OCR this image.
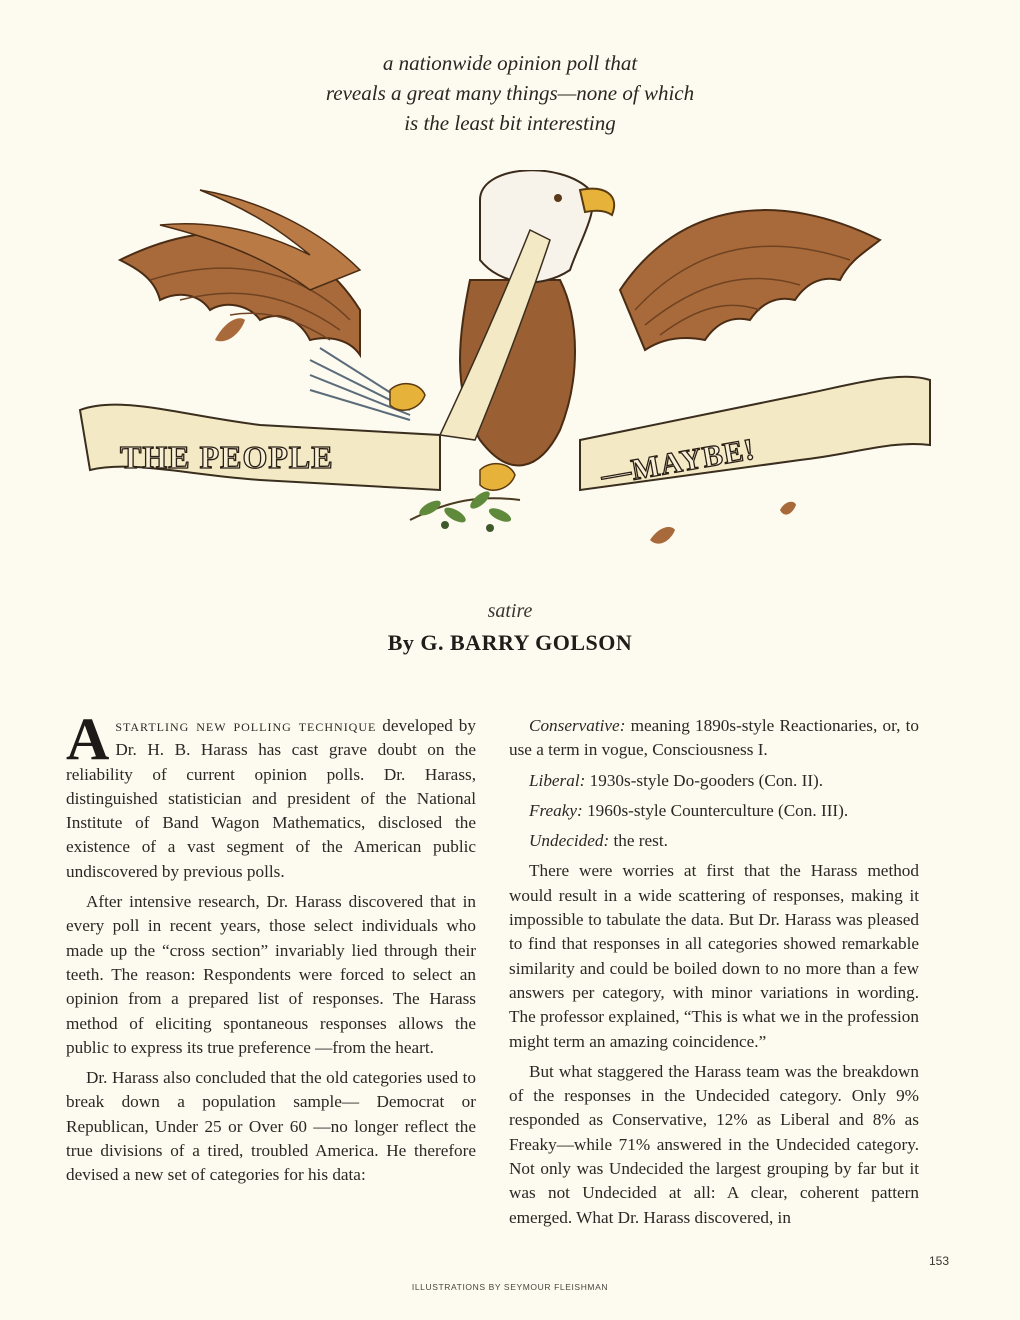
a nationwide opinion poll that
reveals a great many things—none of which
is the least bit interesting
THE PEOPLE	—MAYBE!
satire
By G. BARRY GOLSON

Astartling new polling technique developed by Dr. H. B. Harass has cast grave doubt on the reliability of current opinion polls. Dr. Harass, distinguished statistician and president of the National Institute of Band Wagon Mathematics, disclosed the existence of a vast segment of the American public undiscovered by previous polls.

After intensive research, Dr. Harass discovered that in every poll in recent years, those select individuals who made up the “cross section” invariably lied through their teeth. The reason: Respondents were forced to select an opinion from a prepared list of responses. The Harass method of eliciting spontaneous responses allows the public to express its true preference —from the heart.

Dr. Harass also concluded that the old categories used to break down a population sample— Democrat or Republican, Under 25 or Over 60 —no longer reflect the true divisions of a tired, troubled America. He therefore devised a new set of categories for his data:

Conservative: meaning 1890s-style Reactionaries, or, to use a term in vogue, Consciousness I.

Liberal: 1930s-style Do-gooders (Con. II).

Freaky: 1960s-style Counterculture (Con. III).

Undecided: the rest.

There were worries at first that the Harass method would result in a wide scattering of responses, making it impossible to tabulate the data. But Dr. Harass was pleased to find that responses in all categories showed remarkable similarity and could be boiled down to no more than a few answers per category, with minor variations in wording. The professor explained, “This is what we in the profession might term an amazing coincidence.”

But what staggered the Harass team was the breakdown of the responses in the Undecided category. Only 9% responded as Conservative, 12% as Liberal and 8% as Freaky—while 71% answered in the Undecided category. Not only was Undecided the largest grouping by far but it was not Undecided at all: A clear, coherent pattern emerged. What Dr. Harass discovered, in

153
ILLUSTRATIONS BY SEYMOUR FLEISHMAN
